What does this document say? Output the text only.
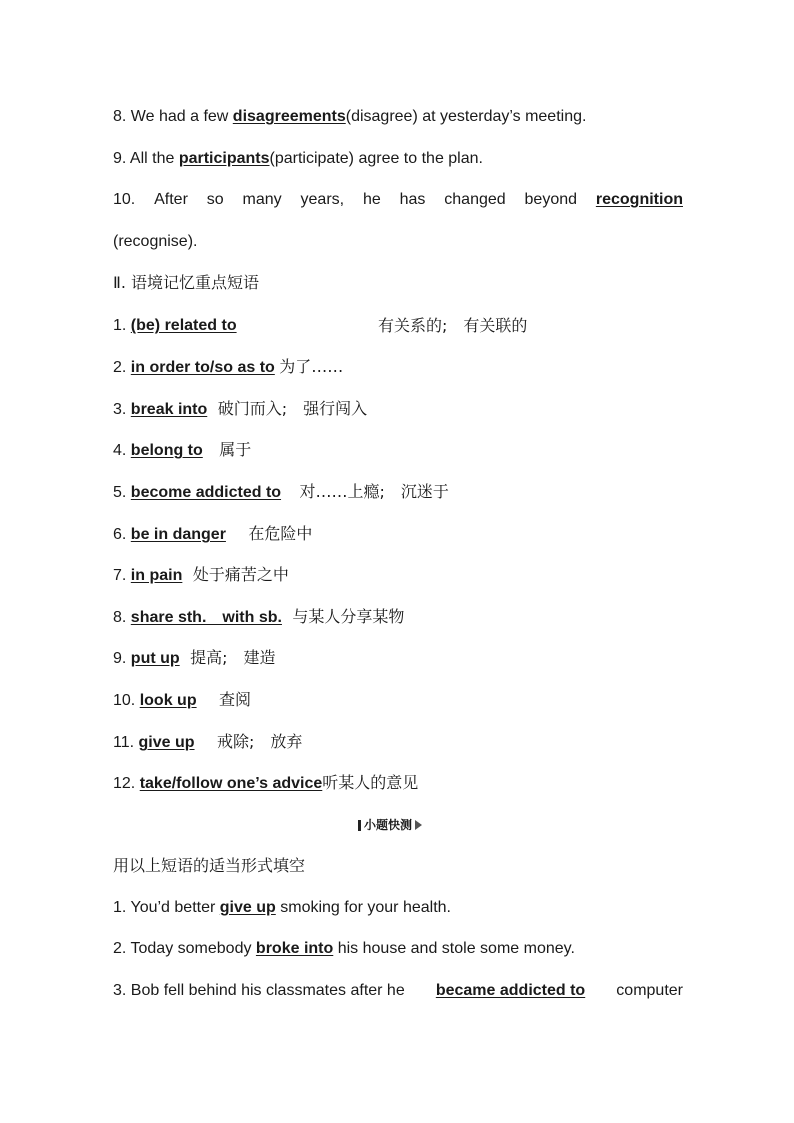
8. We had a few disagreements(disagree) at yesterday’s meeting.
9. All the participants(participate) agree to the plan.
10. After so many years, he has changed beyond recognition
(recognise).
Ⅱ. 语境记忆重点短语
1. (be) related to	有关系的;　有关联的
2. in order to/so as to 为了……
3. break into 破门而入;　强行闯入
4. belong to 属于
5. become addicted to 对……上瘾;　沉迷于
6. be in danger 在危险中
7. in pain 处于痛苦之中
8. share sth.　with sb. 与某人分享某物
9. put up 提高;　建造
10. look up 查阅
11. give up 戒除;　放弃
12. take/follow one’s advice听某人的意见
小题快测
用以上短语的适当形式填空
1. You’d better give up smoking for your health.
2. Today somebody broke into his house and stole some money.
3. Bob fell behind his classmates after he became addicted to computer
